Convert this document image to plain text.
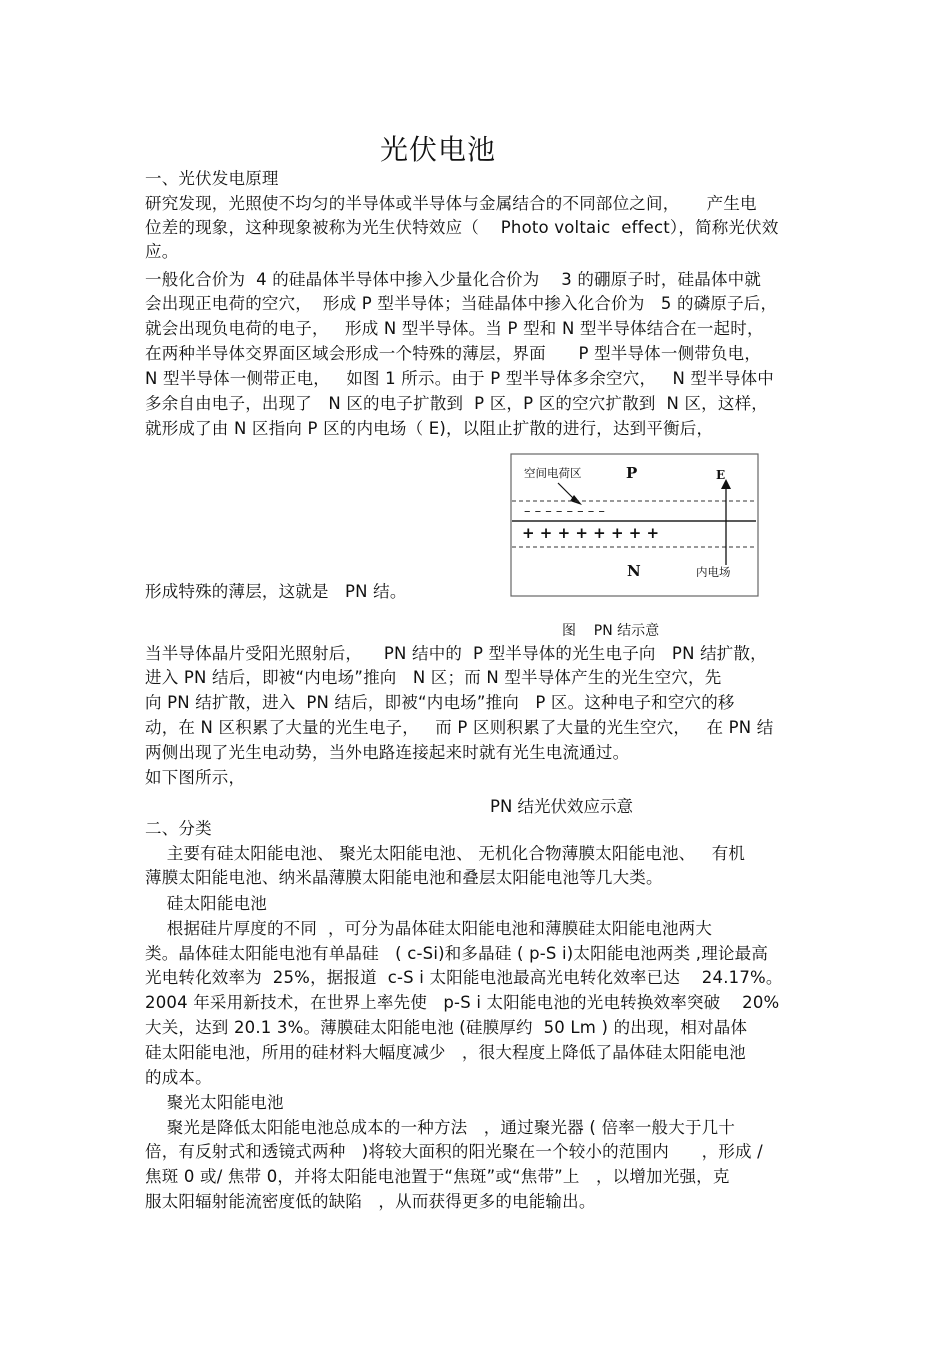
光伏电池
一、光伏发电原理
研究发现，光照使不均匀的半导体或半导体与金属结合的不同部位之间，     产生电
位差的现象，这种现象被称为光生伏特效应（    Photo voltaic  effect），简称光伏效
应。
一般化合价为  4 的硅晶体半导体中掺入少量化合价为    3 的硼原子时，硅晶体中就
会出现正电荷的空穴，  形成 P 型半导体；当硅晶体中掺入化合价为   5 的磷原子后，
就会出现负电荷的电子，   形成 N 型半导体。当 P 型和 N 型半导体结合在一起时，
在两种半导体交界面区域会形成一个特殊的薄层，界面      P 型半导体一侧带负电，
N 型半导体一侧带正电，   如图 1 所示。由于 P 型半导体多余空穴，   N 型半导体中
多余自由电子，出现了   N 区的电子扩散到  P 区，P 区的空穴扩散到  N 区，这样，
就形成了由 N 区指向 P 区的内电场（ E)，以阻止扩散的进行，达到平衡后，
形成特殊的薄层，这就是   PN 结。
空间电荷区	P	E
– – – – – – – –
+ + + + + + + +
N	内电场
图    PN 结示意
当半导体晶片受阳光照射后，    PN 结中的  P 型半导体的光生电子向   PN 结扩散，
进入 PN 结后，即被“内电场”推向   N 区；而 N 型半导体产生的光生空穴，先
向 PN 结扩散，进入  PN 结后，即被“内电场”推向   P 区。这种电子和空穴的移
动，在 N 区积累了大量的光生电子，   而 P 区则积累了大量的光生空穴，   在 PN 结
两侧出现了光生电动势，当外电路连接起来时就有光生电流通过。
如下图所示，
PN 结光伏效应示意
二、分类
主要有硅太阳能电池、 聚光太阳能电池、 无机化合物薄膜太阳能电池、   有机
薄膜太阳能电池、纳米晶薄膜太阳能电池和叠层太阳能电池等几大类。
硅太阳能电池
根据硅片厚度的不同  ，可分为晶体硅太阳能电池和薄膜硅太阳能电池两大
类。晶体硅太阳能电池有单晶硅   ( c-Si)和多晶硅 ( p-S i)太阳能电池两类 ,理论最高
光电转化效率为  25%，据报道  c-S i 太阳能电池最高光电转化效率已达    24.17%。
2004 年采用新技术，在世界上率先使   p-S i 太阳能电池的光电转换效率突破    20%
大关，达到 20.1 3%。薄膜硅太阳能电池 (硅膜厚约  50 Lm ) 的出现，相对晶体
硅太阳能电池，所用的硅材料大幅度减少   ，很大程度上降低了晶体硅太阳能电池
的成本。
聚光太阳能电池
聚光是降低太阳能电池总成本的一种方法   ，通过聚光器 ( 倍率一般大于几十
倍，有反射式和透镜式两种   )将较大面积的阳光聚在一个较小的范围内      ，形成 /
焦斑 0 或/ 焦带 0，并将太阳能电池置于“焦斑”或“焦带”上   ，以增加光强，克
服太阳辐射能流密度低的缺陷   ，从而获得更多的电能输出。
